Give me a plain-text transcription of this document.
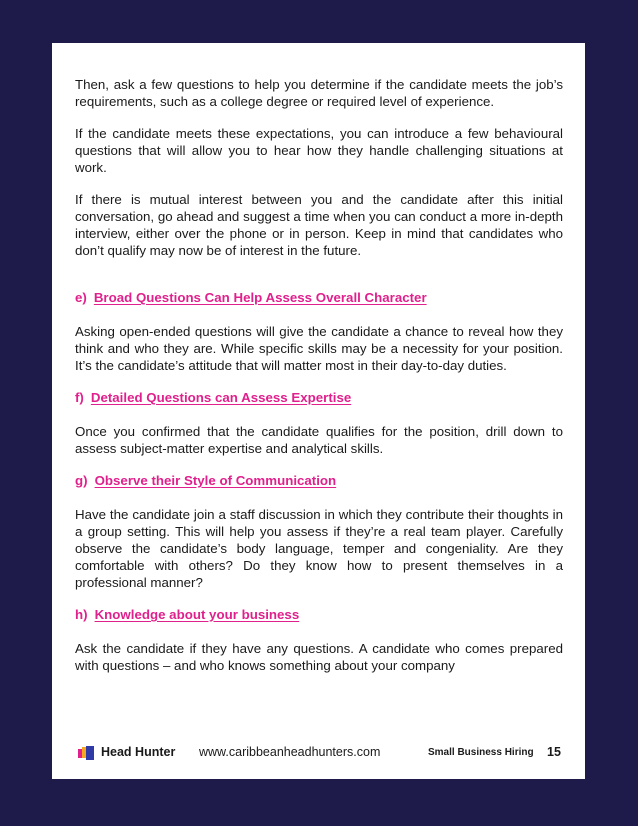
Then, ask a few questions to help you determine if the candidate meets the job’s requirements, such as a college degree or required level of experience.

If the candidate meets these expectations, you can introduce a few behavioural questions that will allow you to hear how they handle challenging situations at work.

If there is mutual interest between you and the candidate after this initial conversation, go ahead and suggest a time when you can conduct a more in-depth interview, either over the phone or in person. Keep in mind that candidates who don’t qualify may now be of interest in the future.

e) Broad Questions Can Help Assess Overall Character

Asking open-ended questions will give the candidate a chance to reveal how they think and who they are. While specific skills may be a necessity for your position. It’s the candidate’s attitude that will matter most in their day-to-day duties.

f) Detailed Questions can Assess Expertise

Once you confirmed that the candidate qualifies for the position, drill down to assess subject-matter expertise and analytical skills.

g) Observe their Style of Communication

Have the candidate join a staff discussion in which they contribute their thoughts in a group setting. This will help you assess if they’re a real team player. Carefully observe the candidate’s body language, temper and congeniality. Are they comfortable with others? Do they know how to present themselves in a professional manner?

h) Knowledge about your business

Ask the candidate if they have any questions. A candidate who comes prepared with questions – and who knows something about your company

Head Hunter www.caribbeanheadhunters.com	Small Business Hiring 15
